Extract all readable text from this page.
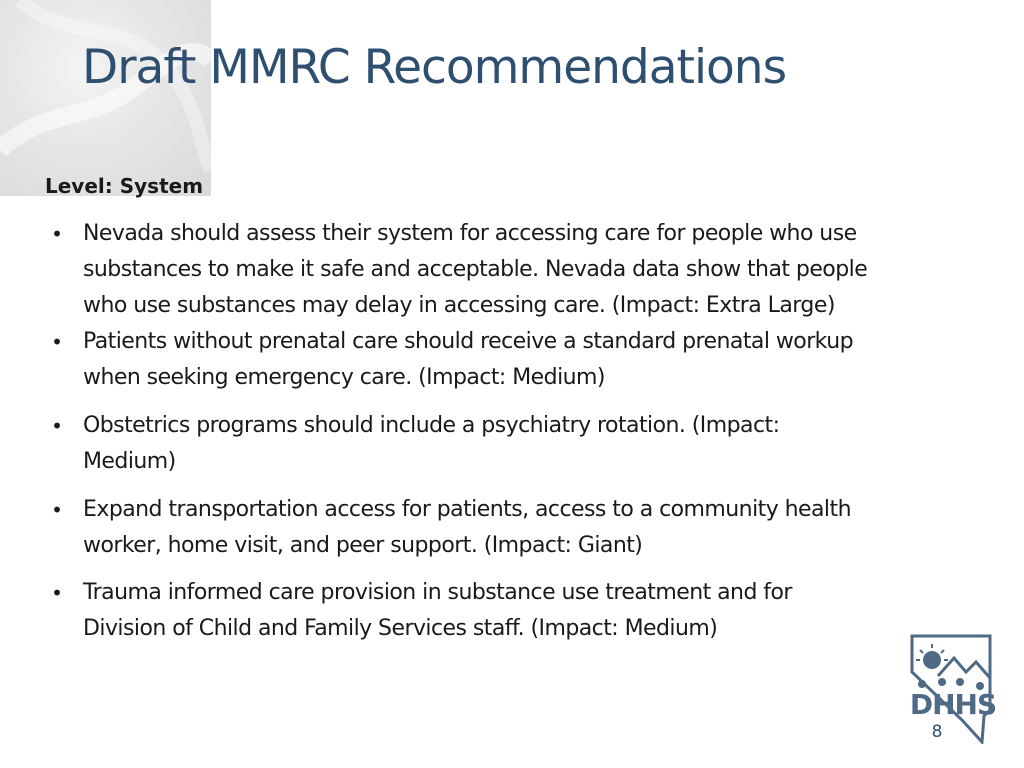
Draft MMRC Recommendations
Level: System
• Nevada should assess their system for accessing care for people who use
substances to make it safe and acceptable. Nevada data show that people
who use substances may delay in accessing care. (Impact: Extra Large)
• Patients without prenatal care should receive a standard prenatal workup
when seeking emergency care. (Impact: Medium)
• Obstetrics programs should include a psychiatry rotation. (Impact:
Medium)
• Expand transportation access for patients, access to a community health
worker, home visit, and peer support. (Impact: Giant)
• Trauma informed care provision in substance use treatment and for
Division of Child and Family Services staff. (Impact: Medium)
DHHS
8
